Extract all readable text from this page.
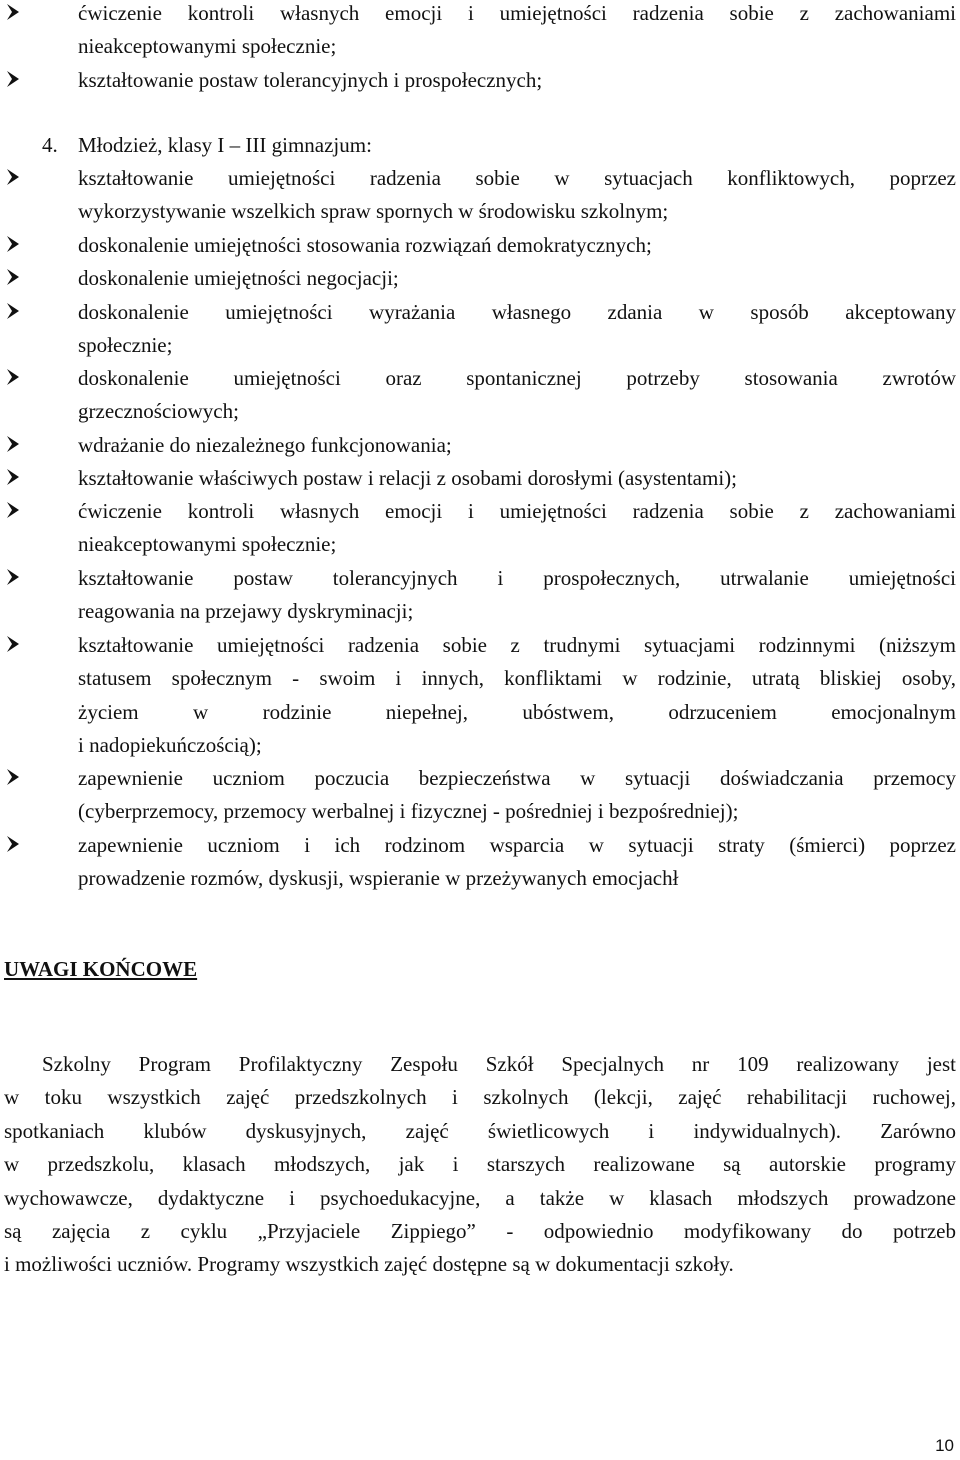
ćwiczenie kontroli własnych emocji i umiejętności radzenia sobie z zachowaniami
nieakceptowanymi społecznie;
kształtowanie postaw tolerancyjnych i prospołecznych;
4. Młodzież, klasy I – III gimnazjum:
kształtowanie umiejętności radzenia sobie w sytuacjach konfliktowych, poprzez
wykorzystywanie wszelkich spraw spornych w środowisku szkolnym;
doskonalenie umiejętności stosowania rozwiązań demokratycznych;
doskonalenie umiejętności negocjacji;
doskonalenie umiejętności wyrażania własnego zdania w sposób akceptowany
społecznie;
doskonalenie umiejętności oraz spontanicznej potrzeby stosowania zwrotów
grzecznościowych;
wdrażanie do niezależnego funkcjonowania;
kształtowanie właściwych postaw i relacji z osobami dorosłymi (asystentami);
ćwiczenie kontroli własnych emocji i umiejętności radzenia sobie z zachowaniami
nieakceptowanymi społecznie;
kształtowanie postaw tolerancyjnych i prospołecznych, utrwalanie umiejętności
reagowania na przejawy dyskryminacji;
kształtowanie umiejętności radzenia sobie z trudnymi sytuacjami rodzinnymi (niższym
statusem społecznym - swoim i innych, konfliktami w rodzinie, utratą bliskiej osoby,
życiem w rodzinie niepełnej, ubóstwem, odrzuceniem emocjonalnym
i nadopiekuńczością);
zapewnienie uczniom poczucia bezpieczeństwa w sytuacji doświadczania przemocy
(cyberprzemocy, przemocy werbalnej i fizycznej - pośredniej i bezpośredniej);
zapewnienie uczniom i ich rodzinom wsparcia w sytuacji straty (śmierci) poprzez
prowadzenie rozmów, dyskusji, wspieranie w przeżywanych emocjachł
UWAGI KOŃCOWE
Szkolny Program Profilaktyczny Zespołu Szkół Specjalnych nr 109 realizowany jest
w toku wszystkich zajęć przedszkolnych i szkolnych (lekcji, zajęć rehabilitacji ruchowej,
spotkaniach klubów dyskusyjnych, zajęć świetlicowych i indywidualnych). Zarówno
w przedszkolu, klasach młodszych, jak i starszych realizowane są autorskie programy
wychowawcze, dydaktyczne i psychoedukacyjne, a także w klasach młodszych prowadzone
są zajęcia z cyklu „Przyjaciele Zippiego” - odpowiednio modyfikowany do potrzeb
i możliwości uczniów. Programy wszystkich zajęć dostępne są w dokumentacji szkoły.
10
